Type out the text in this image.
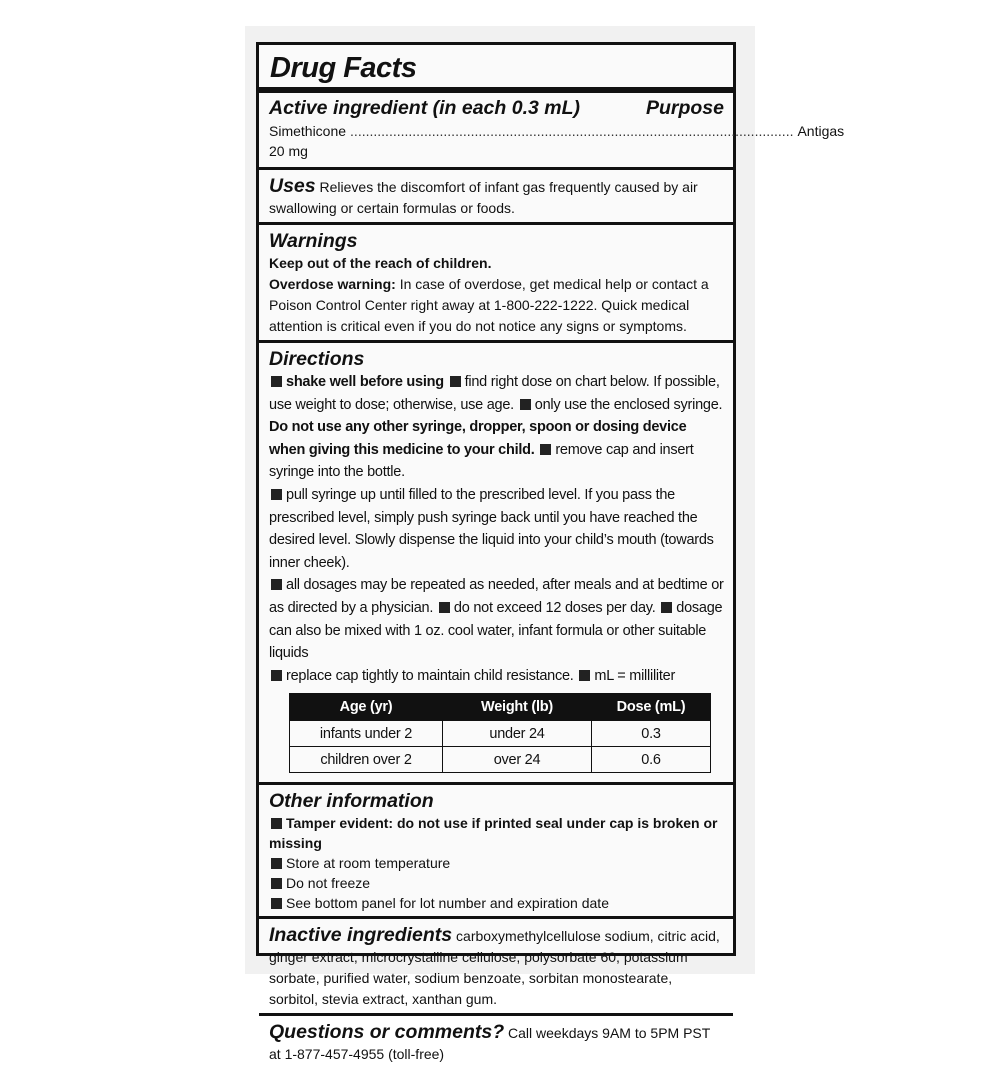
Drug Facts
Active ingredient (in each 0.3 mL)	Purpose
Simethicone 20 mg
.................................................................................................................. Antigas
Uses Relieves the discomfort of infant gas frequently caused by air swallowing or certain formulas or foods.
Warnings
Keep out of the reach of children.
Overdose warning: In case of overdose, get medical help or contact a Poison Control Center right away at 1-800-222-1222. Quick medical attention is critical even if you do not notice any signs or symptoms.
Directions
shake well before using find right dose on chart below. If possible, use weight to dose; otherwise, use age. only use the enclosed syringe.
Do not use any other syringe, dropper, spoon or dosing device when giving this medicine to your child. remove cap and insert syringe into the bottle.
pull syringe up until filled to the prescribed level. If you pass the prescribed level, simply push syringe back until you have reached the desired level. Slowly dispense the liquid into your child’s mouth (towards inner cheek).
all dosages may be repeated as needed, after meals and at bedtime or as directed by a physician. do not exceed 12 doses per day. dosage can also be mixed with 1 oz. cool water, infant formula or other suitable liquids
replace cap tightly to maintain child resistance. mL = milliliter
Age (yr)	Weight (lb)	Dose (mL)
infants under 2	under 24	0.3
children over 2	over 24	0.6
Other information
Tamper evident: do not use if printed seal under cap is broken or missing
Store at room temperature
Do not freeze
See bottom panel for lot number and expiration date
Inactive ingredients carboxymethylcellulose sodium, citric acid, ginger extract, microcrystalline cellulose, polysorbate 60, potassium sorbate, purified water, sodium benzoate, sorbitan monostearate, sorbitol, stevia extract, xanthan gum.
Questions or comments? Call weekdays 9AM to 5PM PST at 1-877-457-4955 (toll-free)
